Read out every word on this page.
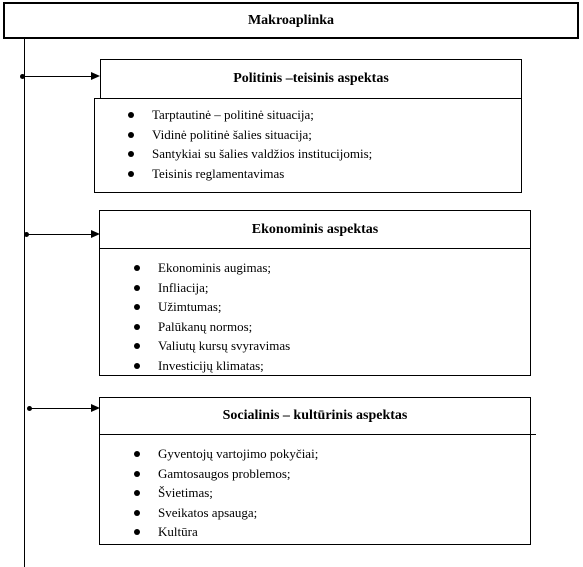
Makroaplinka
Politinis –teisinis aspektas
Tarptautinė – politinė situacija;
Vidinė politinė šalies situacija;
Santykiai su šalies valdžios institucijomis;
Teisinis reglamentavimas
Ekonominis aspektas
Ekonominis augimas;
Infliacija;
Užimtumas;
Palūkanų normos;
Valiutų kursų svyravimas
Investicijų klimatas;
Socialinis – kultūrinis aspektas
Gyventojų vartojimo pokyčiai;
Gamtosaugos problemos;
Švietimas;
Sveikatos apsauga;
Kultūra
